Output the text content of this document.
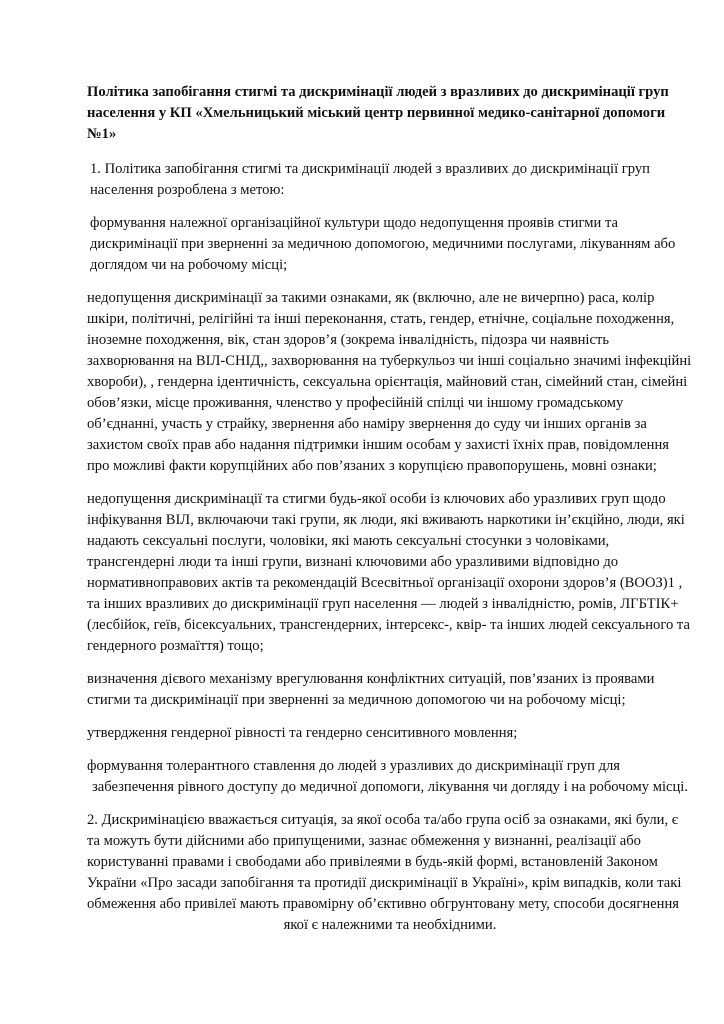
Політика запобігання стигмі та дискримінації людей з вразливих до дискримінації груп населення у КП «Хмельницький міський центр первинної медико-санітарної допомоги №1»

1. Політика запобігання стигмі та дискримінації людей з вразливих до дискримінації груп населення розроблена з метою:

формування належної організаційної культури щодо недопущення проявів стигми та дискримінації при зверненні за медичною допомогою, медичними послугами, лікуванням або доглядом чи на робочому місці;

недопущення дискримінації за такими ознаками, як (включно, але не вичерпно) раса, колір шкіри, політичні, релігійні та інші переконання, стать, гендер, етнічне, соціальне походження, іноземне походження, вік, стан здоров’я (зокрема інвалідність, підозра чи наявність захворювання на ВІЛ-СНІД,, захворювання на туберкульоз чи інші соціально значимі інфекційні хвороби), , гендерна ідентичність, сексуальна орієнтація, майновий стан, сімейний стан, сімейні обов’язки, місце проживання, членство у професійній спілці чи іншому громадському об’єднанні, участь у страйку, звернення або наміру звернення до суду чи інших органів за захистом своїх прав або надання підтримки іншим особам у захисті їхніх прав, повідомлення про можливі факти корупційних або пов’язаних з корупцією правопорушень, мовні ознаки;

недопущення дискримінації та стигми будь-якої особи із ключових або уразливих груп щодо інфікування ВІЛ, включаючи такі групи, як люди, які вживають наркотики ін’єкційно, люди, які надають сексуальні послуги, чоловіки, які мають сексуальні стосунки з чоловіками, трансгендерні люди та інші групи, визнані ключовими або уразливими відповідно до нормативноправових актів та рекомендацій Всесвітньої організації охорони здоров’я (ВООЗ)1 , та інших вразливих до дискримінації груп населення — людей з інвалідністю, ромів, ЛГБТІК+ (лесбійок, геїв, бісексуальних, трансгендерних, інтерсекс-, квір- та інших людей сексуального та гендерного розмаїття) тощо;

визначення дієвого механізму врегулювання конфліктних ситуацій, пов’язаних із проявами стигми та дискримінації при зверненні за медичною допомогою чи на робочому місці;

утвердження гендерної рівності та гендерно сенситивного мовлення;

формування толерантного ставлення до людей з уразливих до дискримінації груп для забезпечення рівного доступу до медичної допомоги, лікування чи догляду і на робочому місці.

2. Дискримінацією вважається ситуація, за якої особа та/або група осіб за ознаками, які були, є та можуть бути дійсними або припущеними, зазнає обмеження у визнанні, реалізації або користуванні правами і свободами або привілеями в будь-якій формі, встановленій Законом України «Про засади запобігання та протидії дискримінації в Україні», крім випадків, коли такі обмеження або привілеї мають правомірну об’єктивно обгрунтовану мету, способи досягнення якої є належними та необхідними.
